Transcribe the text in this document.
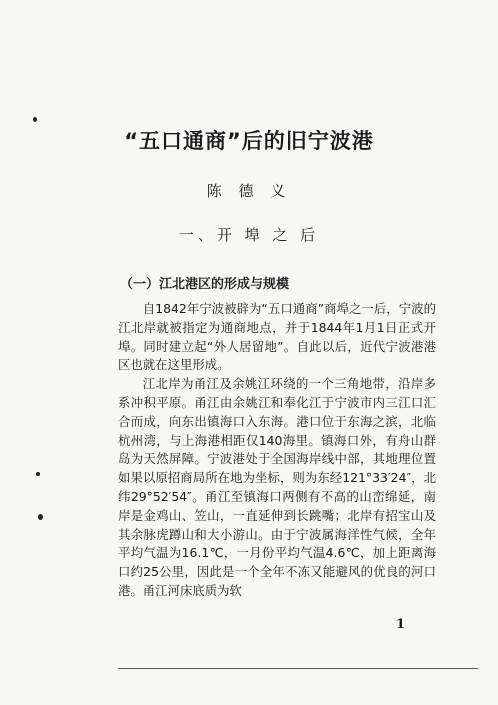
“五口通商”后的旧宁波港
陈 德 义
一、开 埠 之 后
（一）江北港区的形成与规模

自1842年宁波被辟为“五口通商”商埠之一后，宁波的江北岸就被指定为通商地点，并于1844年1月1日正式开埠。同时建立起“外人居留地”。自此以后，近代宁波港港区也就在这里形成。

江北岸为甬江及余姚江环绕的一个三角地带，沿岸多系冲积平原。甬江由余姚江和奉化江于宁波市内三江口汇合而成，向东出镇海口入东海。港口位于东海之滨，北临杭州湾，与上海港相距仅140海里。镇海口外，有舟山群岛为天然屏障。宁波港处于全国海岸线中部，其地理位置如果以原招商局所在地为坐标，则为东经121°33′24″，北纬29°52′54″。甬江至镇海口两侧有不高的山峦绵延，南岸是金鸡山、笠山，一直延伸到长跳嘴；北岸有招宝山及其余脉虎蹲山和大小游山。由于宁波属海洋性气候，全年平均气温为16.1℃，一月份平均气温4.6℃，加上距离海口约25公里，因此是一个全年不冻又能避风的优良的河口港。甬江河床底质为软

1
